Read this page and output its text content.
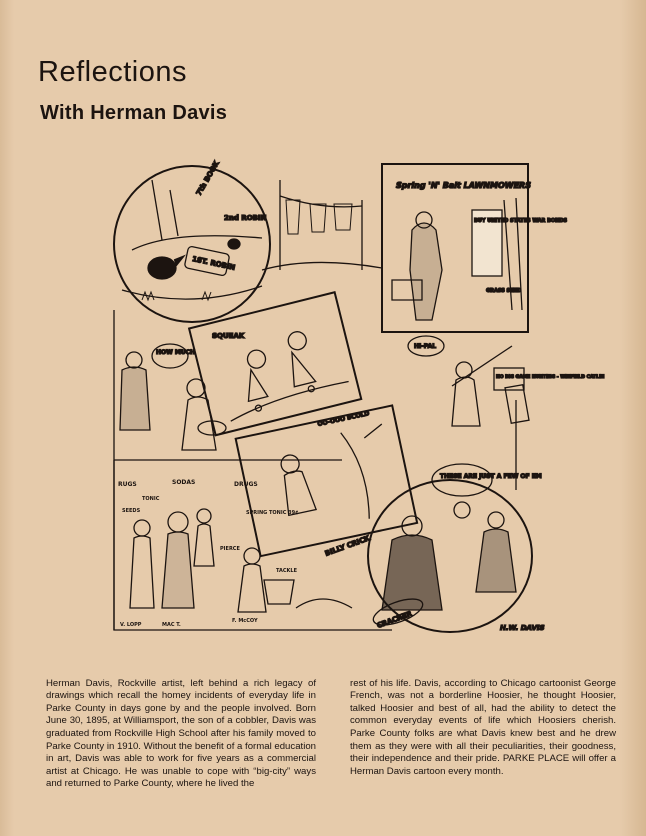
Reflections
With Herman Davis
7th BOOK
2nd ROBIN
1ST. ROBIN
Spring 'N' Bait LAWNMOWERS
BUY UNITED STATES WAR BONDS
GRASS SEED
SQUEAK
HOW MUCH
OO-OOO SCOLD
BILLY CRICK
HI-PAL
NO BIG GAME HUNTING - WINFIELD CATLIN
THESE ARE JUST A FEW OF EM
CRACKER	H.W. DAVIS
RUGS	SODAS	DRUGS
TONIC
SEEDS	SPRING TONIC 39¢
PIERCE
TACKLE
V. LOPP	MAC T.
F. McCOY

Herman Davis, Rockville artist, left behind a rich legacy of drawings which recall the homey incidents of everyday life in Parke County in days gone by and the people involved. Born June 30, 1895, at Williamsport, the son of a cobbler, Davis was graduated from Rockville High School after his family moved to Parke County in 1910. Without the benefit of a formal education in art, Davis was able to work for five years as a commercial artist at Chicago. He was unable to cope with “big-city” ways and returned to Parke County, where he lived the

rest of his life. Davis, according to Chicago cartoonist George French, was not a borderline Hoosier, he thought Hoosier, talked Hoosier and best of all, had the ability to detect the common everyday events of life which Hoosiers cherish. Parke County folks are what Davis knew best and he drew them as they were with all their peculiarities, their goodness, their independence and their pride. PARKE PLACE will offer a Herman Davis cartoon every month.
